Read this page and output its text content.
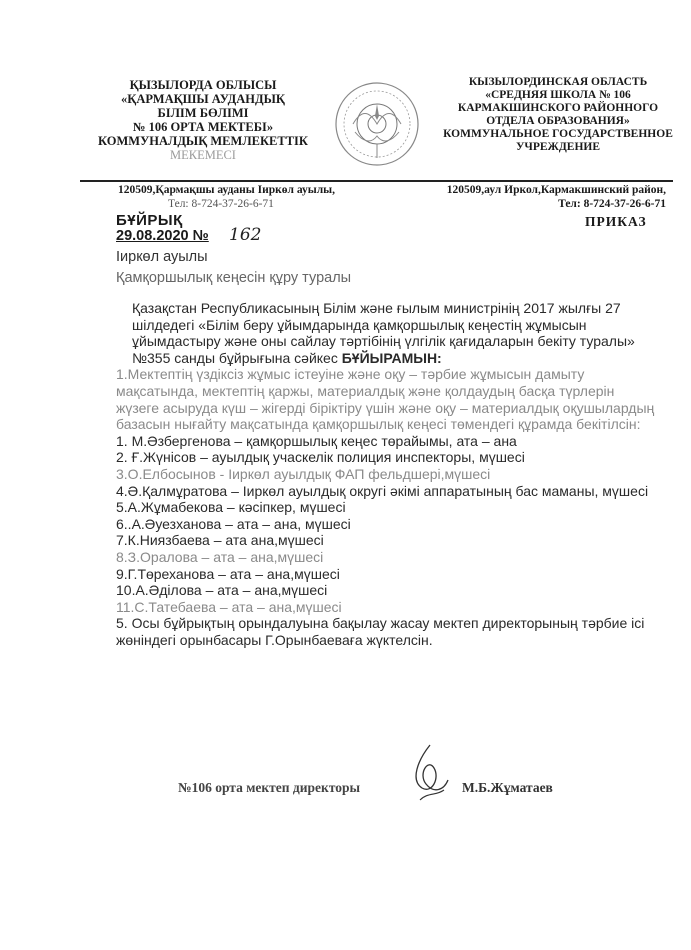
ҚЫЗЫЛОРДА ОБЛЫСЫ
«ҚАРМАҚШЫ АУДАНДЫҚ
БІЛІМ БӨЛІМІ
№ 106 ОРТА МЕКТЕБІ»
КОММУНАЛДЫҚ МЕМЛЕКЕТТІК
МЕКЕМЕСІ
КЫЗЫЛОРДИНСКАЯ ОБЛАСТЬ
«СРЕДНЯЯ ШКОЛА № 106
КАРМАКШИНСКОГО РАЙОННОГО
ОТДЕЛА ОБРАЗОВАНИЯ»
КОММУНАЛЬНОЕ ГОСУДАРСТВЕННОЕ
УЧРЕЖДЕНИЕ
120509,Қармақшы ауданы Іиркөл ауылы,
Тел: 8-724-37-26-6-71
120509,аул Иркол,Кармакшинский район,
Тел: 8-724-37-26-6-71
БҰЙРЫҚ	ПРИКАЗ
29.08.2020 № 162
Іиркөл ауылы
Қамқоршылық кеңесін құру туралы
Қазақстан Республикасының Білім және ғылым министрінің 2017 жылғы 27 шілдедегі «Білім беру ұйымдарында қамқоршылық кеңестің жұмысын ұйымдастыру және оны сайлау тәртібінің үлгілік қағидаларын бекіту туралы» №355 санды бұйрығына сәйкес БҰЙЫРАМЫН:
1.Мектептің үздіксіз жұмыс істеуіне және оқу – тәрбие жұмысын дамыту мақсатында, мектептің қаржы, материалдық және қолдаудың басқа түрлерін жүзеге асыруда күш – жігерді біріктіру үшін және оқу – материалдық оқушылардың базасын нығайту мақсатында қамқоршылық кеңесі төмендегі құрамда бекітілсін:
1. М.Әзбергенова – қамқоршылық кеңес төрайымы, ата – ана
2. Ғ.Жүнісов – ауылдық учаскелік полиция инспекторы, мүшесі
3.О.Елбосынов - Іиркөл ауылдық ФАП фельдшері,мүшесі
4.Ә.Қалмұратова – Іиркөл ауылдық округі әкімі аппаратының бас маманы, мүшесі
5.А.Жұмабекова – кәсіпкер, мүшесі
6..А.Әуезханова – ата – ана, мүшесі
7.К.Ниязбаева – ата ана,мүшесі
8.З.Оралова – ата – ана,мүшесі
9.Г.Төреханова – ата – ана,мүшесі
10.А.Әділова – ата – ана,мүшесі
11.С.Татебаева – ата – ана,мүшесі
5. Осы бұйрықтың орындалуына бақылау жасау мектеп директорының тәрбие ісі жөніндегі орынбасары Г.Орынбаеваға жүктелсін.
№106 орта мектеп директоры	М.Б.Жұматаев
